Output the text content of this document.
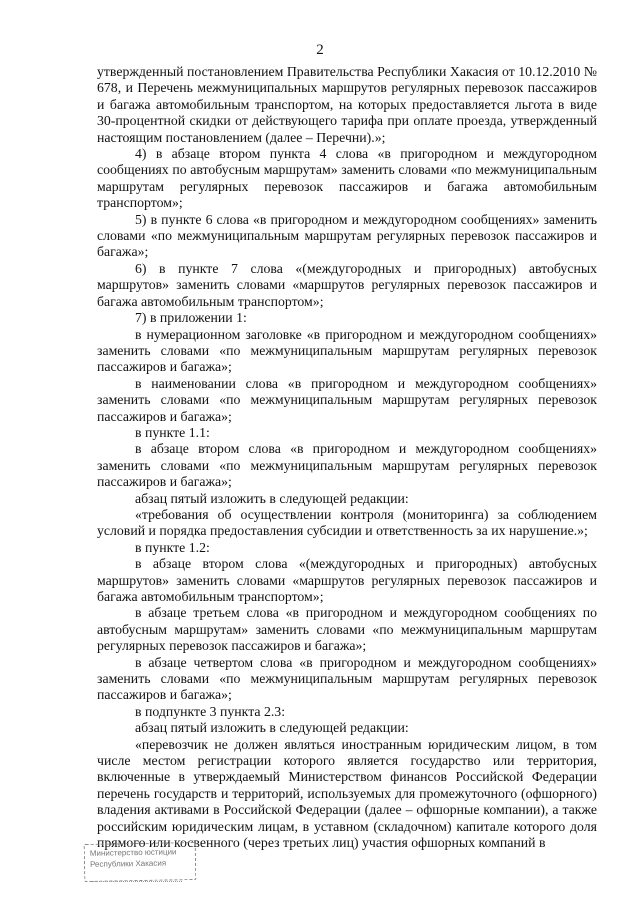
2

утвержденный постановлением Правительства Республики Хакасия от 10.12.2010 № 678, и Перечень межмуниципальных маршрутов регулярных перевозок пассажиров и багажа автомобильным транспортом, на которых предоставляется льгота в виде 30-процентной скидки от действующего тарифа при оплате проезда, утвержденный настоящим постановлением (далее – Перечни).»;

4) в абзаце втором пункта 4 слова «в пригородном и междугородном сообщениях по автобусным маршрутам» заменить словами «по межмуниципальным маршрутам регулярных перевозок пассажиров и багажа автомобильным транспортом»;

5) в пункте 6 слова «в пригородном и междугородном сообщениях» заменить словами «по межмуниципальным маршрутам регулярных перевозок пассажиров и багажа»;

6) в пункте 7 слова «(междугородных и пригородных) автобусных маршрутов» заменить словами «маршрутов регулярных перевозок пассажиров и багажа автомобильным транспортом»;

7) в приложении 1:

в нумерационном заголовке «в пригородном и междугородном сообщениях» заменить словами «по межмуниципальным маршрутам регулярных перевозок пассажиров и багажа»;

в наименовании слова «в пригородном и междугородном сообщениях» заменить словами «по межмуниципальным маршрутам регулярных перевозок пассажиров и багажа»;

в пункте 1.1:

в абзаце втором слова «в пригородном и междугородном сообщениях» заменить словами «по межмуниципальным маршрутам регулярных перевозок пассажиров и багажа»;

абзац пятый изложить в следующей редакции:

«требования об осуществлении контроля (мониторинга) за соблюдением условий и порядка предоставления субсидии и ответственность за их нарушение.»;

в пункте 1.2:

в абзаце втором слова «(междугородных и пригородных) автобусных маршрутов» заменить словами «маршрутов регулярных перевозок пассажиров и багажа автомобильным транспортом»;

в абзаце третьем слова «в пригородном и междугородном сообщениях по автобусным маршрутам» заменить словами «по межмуниципальным маршрутам регулярных перевозок пассажиров и багажа»;

в абзаце четвертом слова «в пригородном и междугородном сообщениях» заменить словами «по межмуниципальным маршрутам регулярных перевозок пассажиров и багажа»;

в подпункте 3 пункта 2.3:

абзац пятый изложить в следующей редакции:

«перевозчик не должен являться иностранным юридическим лицом, в том числе местом регистрации которого является государство или территория, включенные в утверждаемый Министерством финансов Российской Федерации перечень государств и территорий, используемых для промежуточного (офшорного) владения активами в Российской Федерации (далее – офшорные компании), а также российским юридическим лицам, в уставном (складочном) капитале которого доля прямого или косвенного (через третьих лиц) участия офшорных компаний в

Министерство юстиции
Республики Хакасия
